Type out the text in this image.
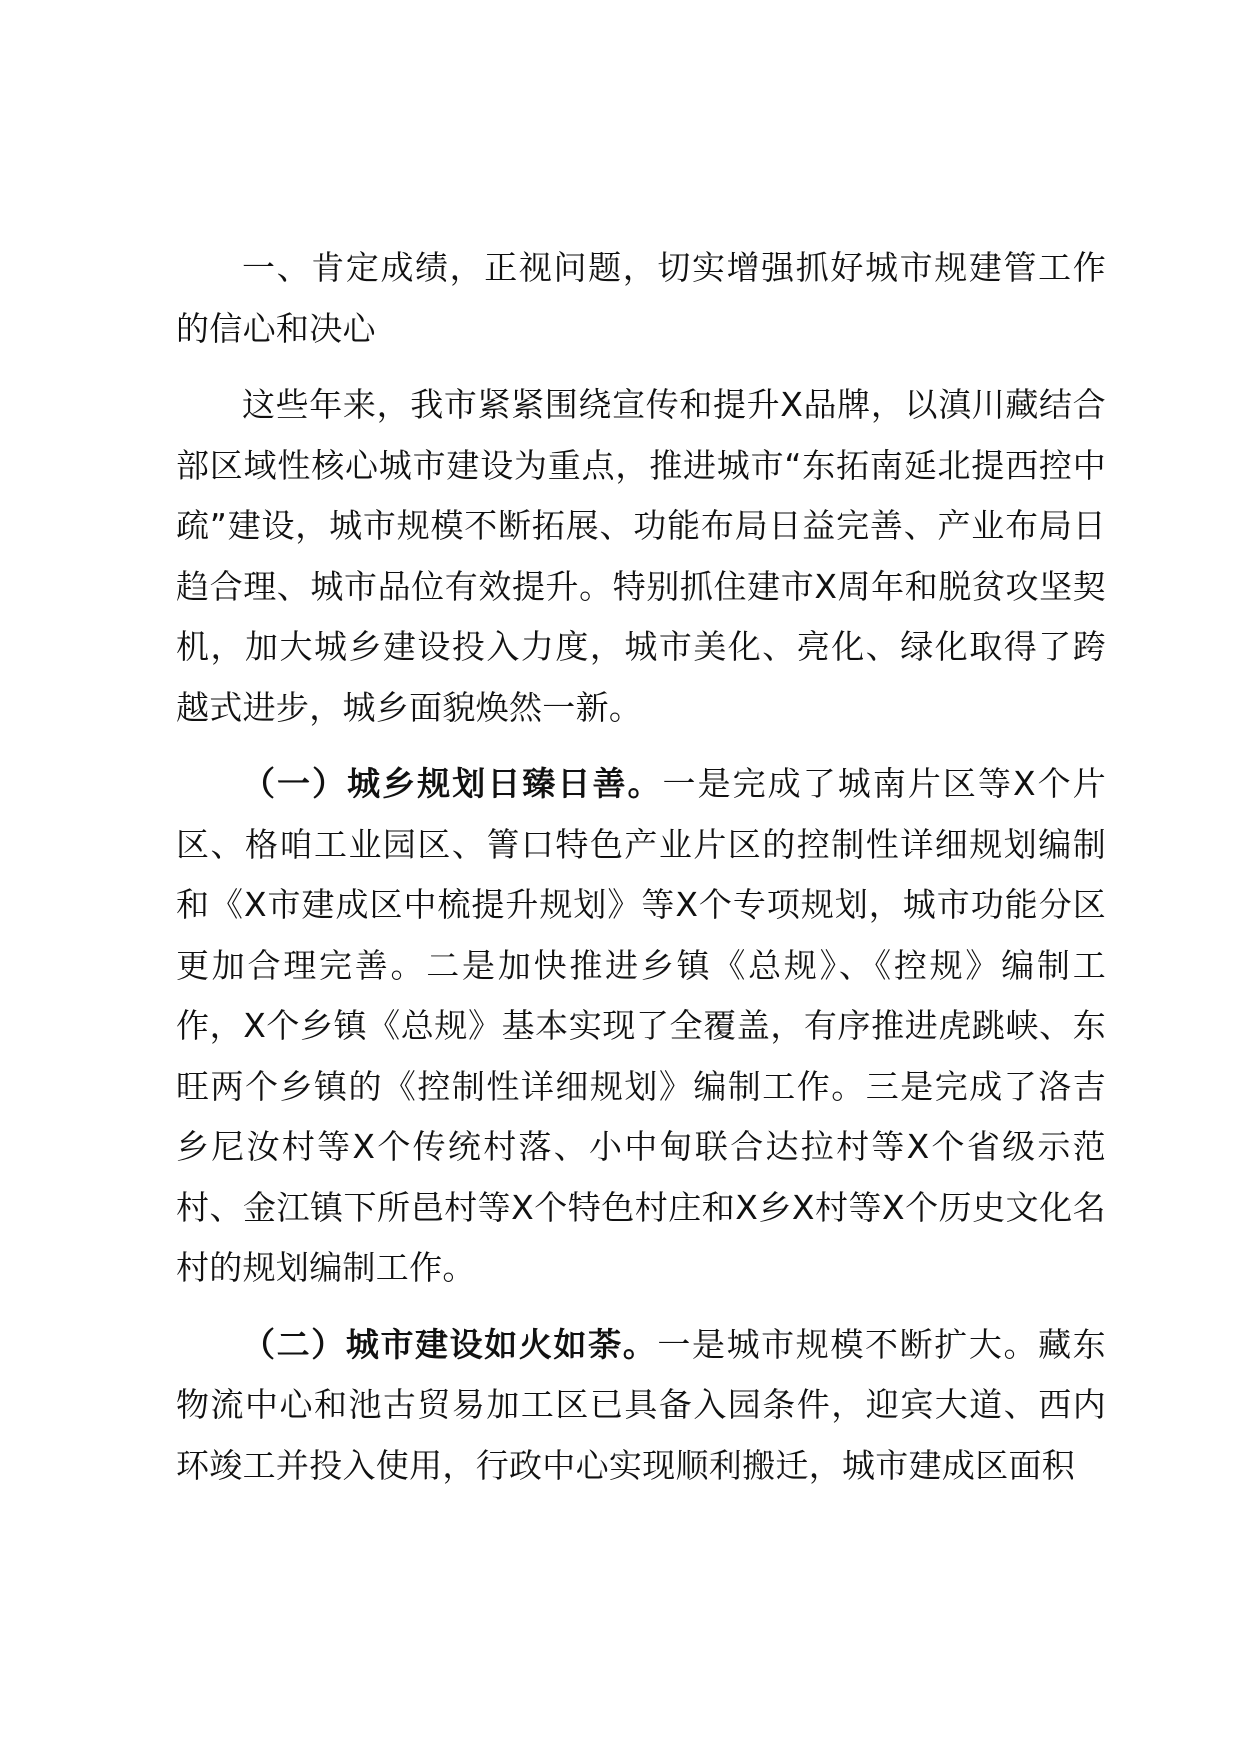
一、肯定成绩，正视问题，切实增强抓好城市规建管工作的信心和决心

这些年来，我市紧紧围绕宣传和提升X品牌，以滇川藏结合部区域性核心城市建设为重点，推进城市“东拓南延北提西控中疏”建设，城市规模不断拓展、功能布局日益完善、产业布局日趋合理、城市品位有效提升。特别抓住建市X周年和脱贫攻坚契机，加大城乡建设投入力度，城市美化、亮化、绿化取得了跨越式进步，城乡面貌焕然一新。

（一）城乡规划日臻日善。一是完成了城南片区等X个片区、格咱工业园区、箐口特色产业片区的控制性详细规划编制和《X市建成区中梳提升规划》等X个专项规划，城市功能分区更加合理完善。二是加快推进乡镇《总规》、《控规》编制工作，X个乡镇《总规》基本实现了全覆盖，有序推进虎跳峡、东旺两个乡镇的《控制性详细规划》编制工作。三是完成了洛吉乡尼汝村等X个传统村落、小中甸联合达拉村等X个省级示范村、金江镇下所邑村等X个特色村庄和X乡X村等X个历史文化名村的规划编制工作。

（二）城市建设如火如荼。一是城市规模不断扩大。藏东物流中心和池古贸易加工区已具备入园条件，迎宾大道、西内环竣工并投入使用，行政中心实现顺利搬迁，城市建成区面积
